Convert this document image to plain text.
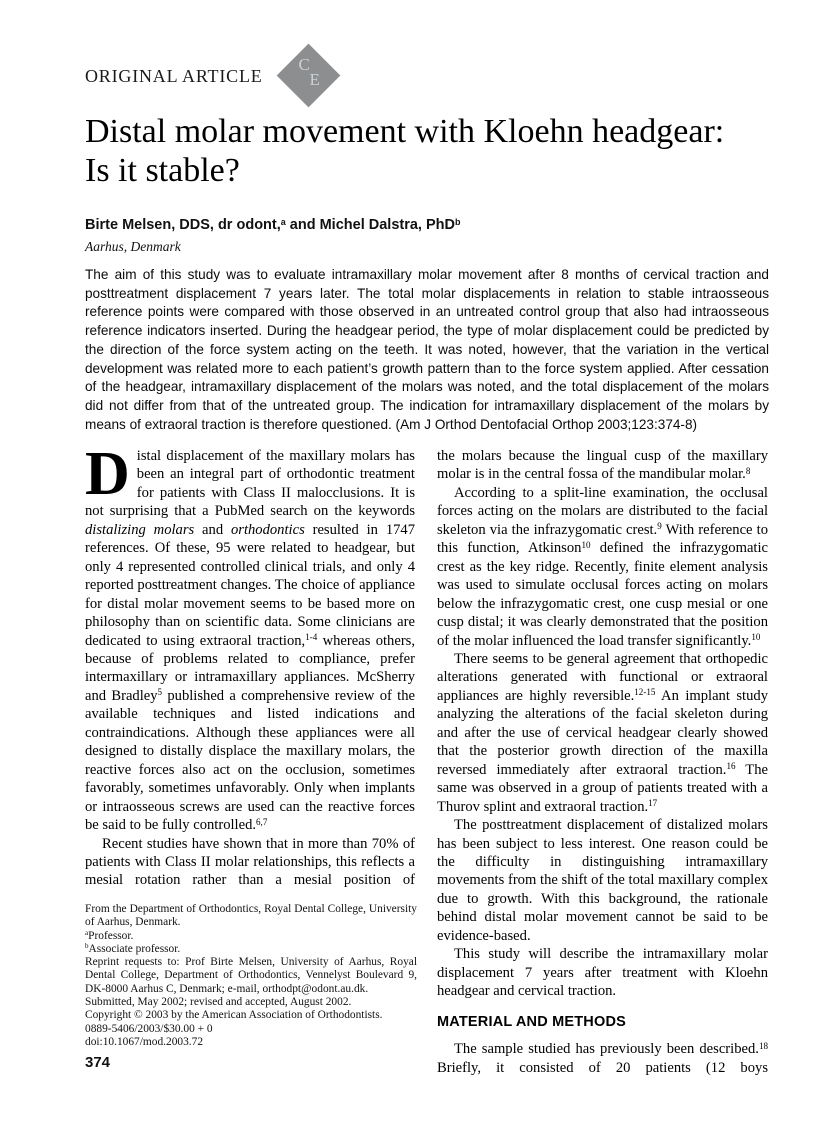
ORIGINAL ARTICLE
C
E
Distal molar movement with Kloehn headgear:
Is it stable?
Birte Melsen, DDS, dr odont,$^a$ and Michel Dalstra, PhD$^b$
Aarhus, Denmark

The aim of this study was to evaluate intramaxillary molar movement after 8 months of cervical traction and posttreatment displacement 7 years later. The total molar displacements in relation to stable intraosseous reference points were compared with those observed in an untreated control group that also had intraosseous reference indicators inserted. During the headgear period, the type of molar displacement could be predicted by the direction of the force system acting on the teeth. It was noted, however, that the variation in the vertical development was related more to each patient’s growth pattern than to the force system applied. After cessation of the headgear, intramaxillary displacement of the molars was noted, and the total displacement of the molars did not differ from that of the untreated group. The indication for intramaxillary displacement of the molars by means of extraoral traction is therefore questioned. (Am J Orthod Dentofacial Orthop 2003;123:374-8)

Distal displacement of the maxillary molars has been an integral part of orthodontic treatment for patients with Class II malocclusions. It is not surprising that a PubMed search on the keywords distalizing molars and orthodontics resulted in 1747 references. Of these, 95 were related to headgear, but only 4 represented controlled clinical trials, and only 4 reported posttreatment changes. The choice of appliance for distal molar movement seems to be based more on philosophy than on scientific data. Some clinicians are dedicated to using extraoral traction,$^{1-4}$ whereas others, because of problems related to compliance, prefer intermaxillary or intramaxillary appliances. McSherry and Bradley$^5$ published a comprehensive review of the available techniques and listed indications and contraindications. Although these appliances were all designed to distally displace the maxillary molars, the reactive forces also act on the occlusion, sometimes favorably, sometimes unfavorably. Only when implants or intraosseous screws are used can the reactive forces be said to be fully controlled.$^{6,7}$

Recent studies have shown that in more than 70% of patients with Class II molar relationships, this reflects a mesial rotation rather than a mesial position of

the molars because the lingual cusp of the maxillary molar is in the central fossa of the mandibular molar.$^8$

According to a split-line examination, the occlusal forces acting on the molars are distributed to the facial skeleton via the infrazygomatic crest.$^9$ With reference to this function, Atkinson$^{10}$ defined the infrazygomatic crest as the key ridge. Recently, finite element analysis was used to simulate occlusal forces acting on molars below the infrazygomatic crest, one cusp mesial or one cusp distal; it was clearly demonstrated that the position of the molar influenced the load transfer significantly.$^{10}$

There seems to be general agreement that orthopedic alterations generated with functional or extraoral appliances are highly reversible.$^{12-15}$ An implant study analyzing the alterations of the facial skeleton during and after the use of cervical headgear clearly showed that the posterior growth direction of the maxilla reversed immediately after extraoral traction.$^{16}$ The same was observed in a group of patients treated with a Thurov splint and extraoral traction.$^{17}$

The posttreatment displacement of distalized molars has been subject to less interest. One reason could be the difficulty in distinguishing intramaxillary movements from the shift of the total maxillary complex due to growth. With this background, the rationale behind distal molar movement cannot be said to be evidence-based.

This study will describe the intramaxillary molar displacement 7 years after treatment with Kloehn headgear and cervical traction.

MATERIAL AND METHODS

The sample studied has previously been described.$^{18}$ Briefly, it consisted of 20 patients (12 boys

From the Department of Orthodontics, Royal Dental College, University of Aarhus, Denmark.

$^a$Professor.

$^b$Associate professor.

Reprint requests to: Prof Birte Melsen, University of Aarhus, Royal Dental College, Department of Orthodontics, Vennelyst Boulevard 9, DK-8000 Aarhus C, Denmark; e-mail, orthodpt@odont.au.dk.

Submitted, May 2002; revised and accepted, August 2002.

Copyright © 2003 by the American Association of Orthodontists.

0889-5406/2003/$30.00 + 0

doi:10.1067/mod.2003.72

374
